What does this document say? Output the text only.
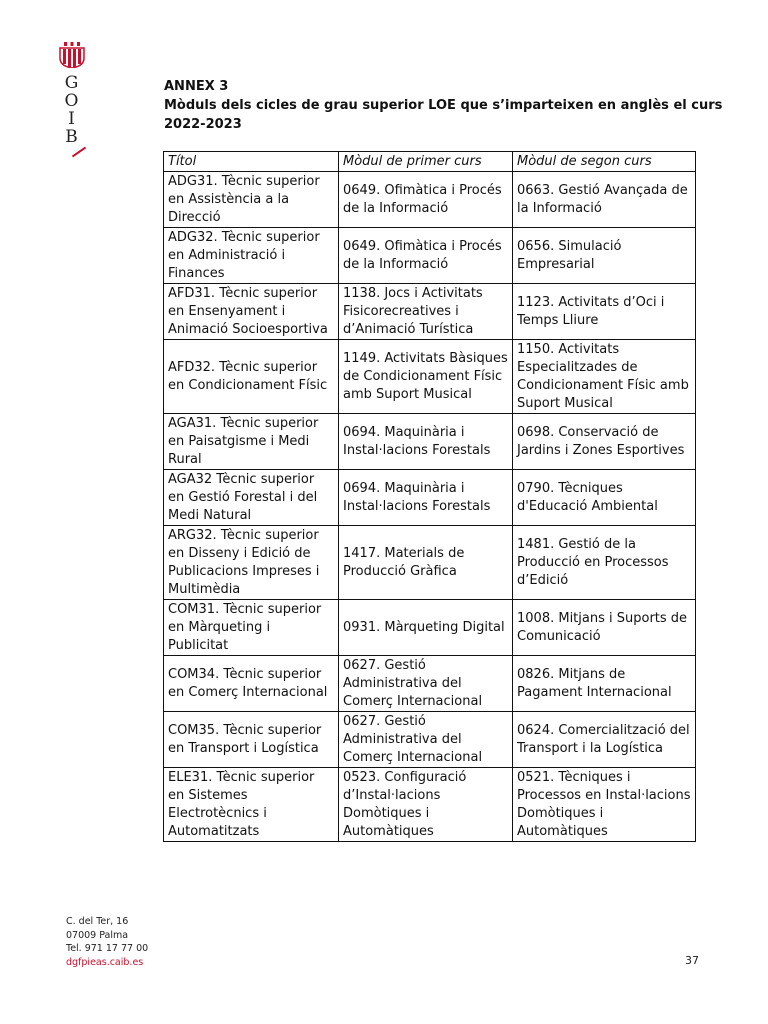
G
O
I
B
ANNEX 3
Mòduls dels cicles de grau superior LOE que s’imparteixen en anglès el curs
2022-2023
Títol	Mòdul de primer curs	Mòdul de segon curs
ADG31. Tècnic superior en Assistència a la Direcció	0649. Ofimàtica i Procés de la Informació	0663. Gestió Avançada de la Informació
ADG32. Tècnic superior en Administració i Finances	0649. Ofimàtica i Procés de la Informació	0656. Simulació Empresarial
AFD31. Tècnic superior en Ensenyament i Animació Socioesportiva	1138. Jocs i Activitats Fisicorecreatives i d’Animació Turística	1123. Activitats d’Oci i Temps Lliure
AFD32. Tècnic superior en Condicionament Físic	1149. Activitats Bàsiques de Condicionament Físic amb Suport Musical	1150. Activitats Especialitzades de Condicionament Físic amb Suport Musical
AGA31. Tècnic superior en Paisatgisme i Medi Rural	0694. Maquinària i Instal·lacions Forestals	0698. Conservació de Jardins i Zones Esportives
AGA32 Tècnic superior en Gestió Forestal i del Medi Natural	0694. Maquinària i Instal·lacions Forestals	0790. Tècniques d'Educació Ambiental
ARG32. Tècnic superior en Disseny i Edició de Publicacions Impreses i Multimèdia	1417. Materials de Producció Gràfica	1481. Gestió de la Producció en Processos d’Edició
COM31. Tècnic superior en Màrqueting i Publicitat	0931. Màrqueting Digital	1008. Mitjans i Suports de Comunicació
COM34. Tècnic superior en Comerç Internacional	0627. Gestió Administrativa del Comerç Internacional	0826. Mitjans de Pagament Internacional
COM35. Tècnic superior en Transport i Logística	0627. Gestió Administrativa del Comerç Internacional	0624. Comercialització del Transport i la Logística
ELE31. Tècnic superior en Sistemes Electrotècnics i Automatitzats	0523. Configuració d’Instal·lacions Domòtiques i Automàtiques	0521. Tècniques i Processos en Instal·lacions Domòtiques i Automàtiques
C. del Ter, 16
07009 Palma
Tel. 971 17 77 00
dgfpieas.caib.es	37
